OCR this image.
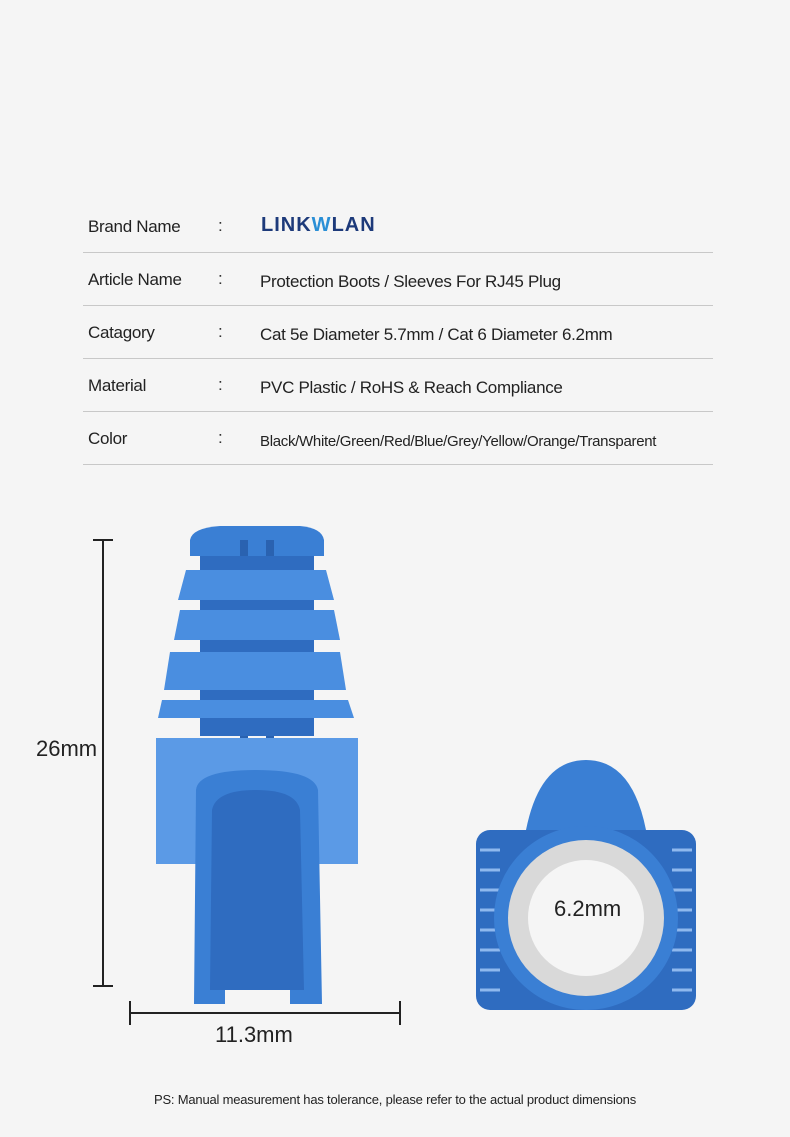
Brand Name : LINKWLAN
Article Name : Protection Boots / Sleeves For RJ45 Plug
Catagory	: Cat 5e Diameter 5.7mm / Cat 6 Diameter 6.2mm
Material	: PVC Plastic / RoHS & Reach Compliance
Color	: Black/White/Green/Red/Blue/Grey/Yellow/Orange/Transparent
26mm
11.3mm
6.2mm
PS: Manual measurement has tolerance, please refer to the actual product dimensions
